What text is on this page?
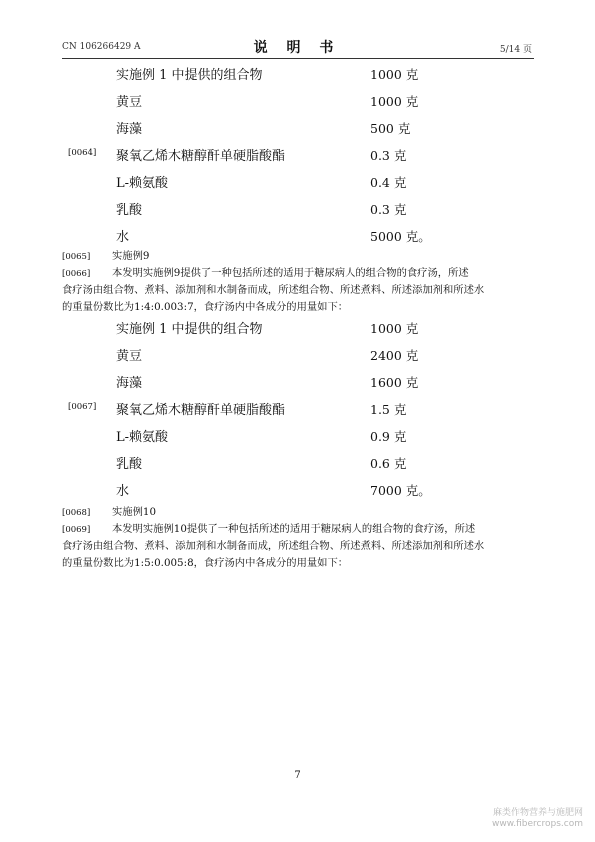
CN 106266429 A	说 明 书	5/14 页
实施例 1 中提供的组合物	1000 克
黄豆	1000 克
海藻	500 克
[0064] 聚氧乙烯木糖醇酐单硬脂酸酯	0.3 克
L-赖氨酸	0.4 克
乳酸	0.3 克
水	5000 克。
[0065] 实施例9
[0066] 本发明实施例9提供了一种包括所述的适用于糖尿病人的组合物的食疗汤，所述
食疗汤由组合物、煮料、添加剂和水制备而成，所述组合物、所述煮料、所述添加剂和所述水
的重量份数比为1:4:0.003:7，食疗汤内中各成分的用量如下：
实施例 1 中提供的组合物	1000 克
黄豆	2400 克
海藻	1600 克
[0067] 聚氧乙烯木糖醇酐单硬脂酸酯	1.5 克
L-赖氨酸	0.9 克
乳酸	0.6 克
水	7000 克。
[0068] 实施例10
[0069] 本发明实施例10提供了一种包括所述的适用于糖尿病人的组合物的食疗汤，所述
食疗汤由组合物、煮料、添加剂和水制备而成，所述组合物、所述煮料、所述添加剂和所述水
的重量份数比为1:5:0.005:8，食疗汤内中各成分的用量如下：
7
麻类作物营养与施肥网
www.fibercrops.com
